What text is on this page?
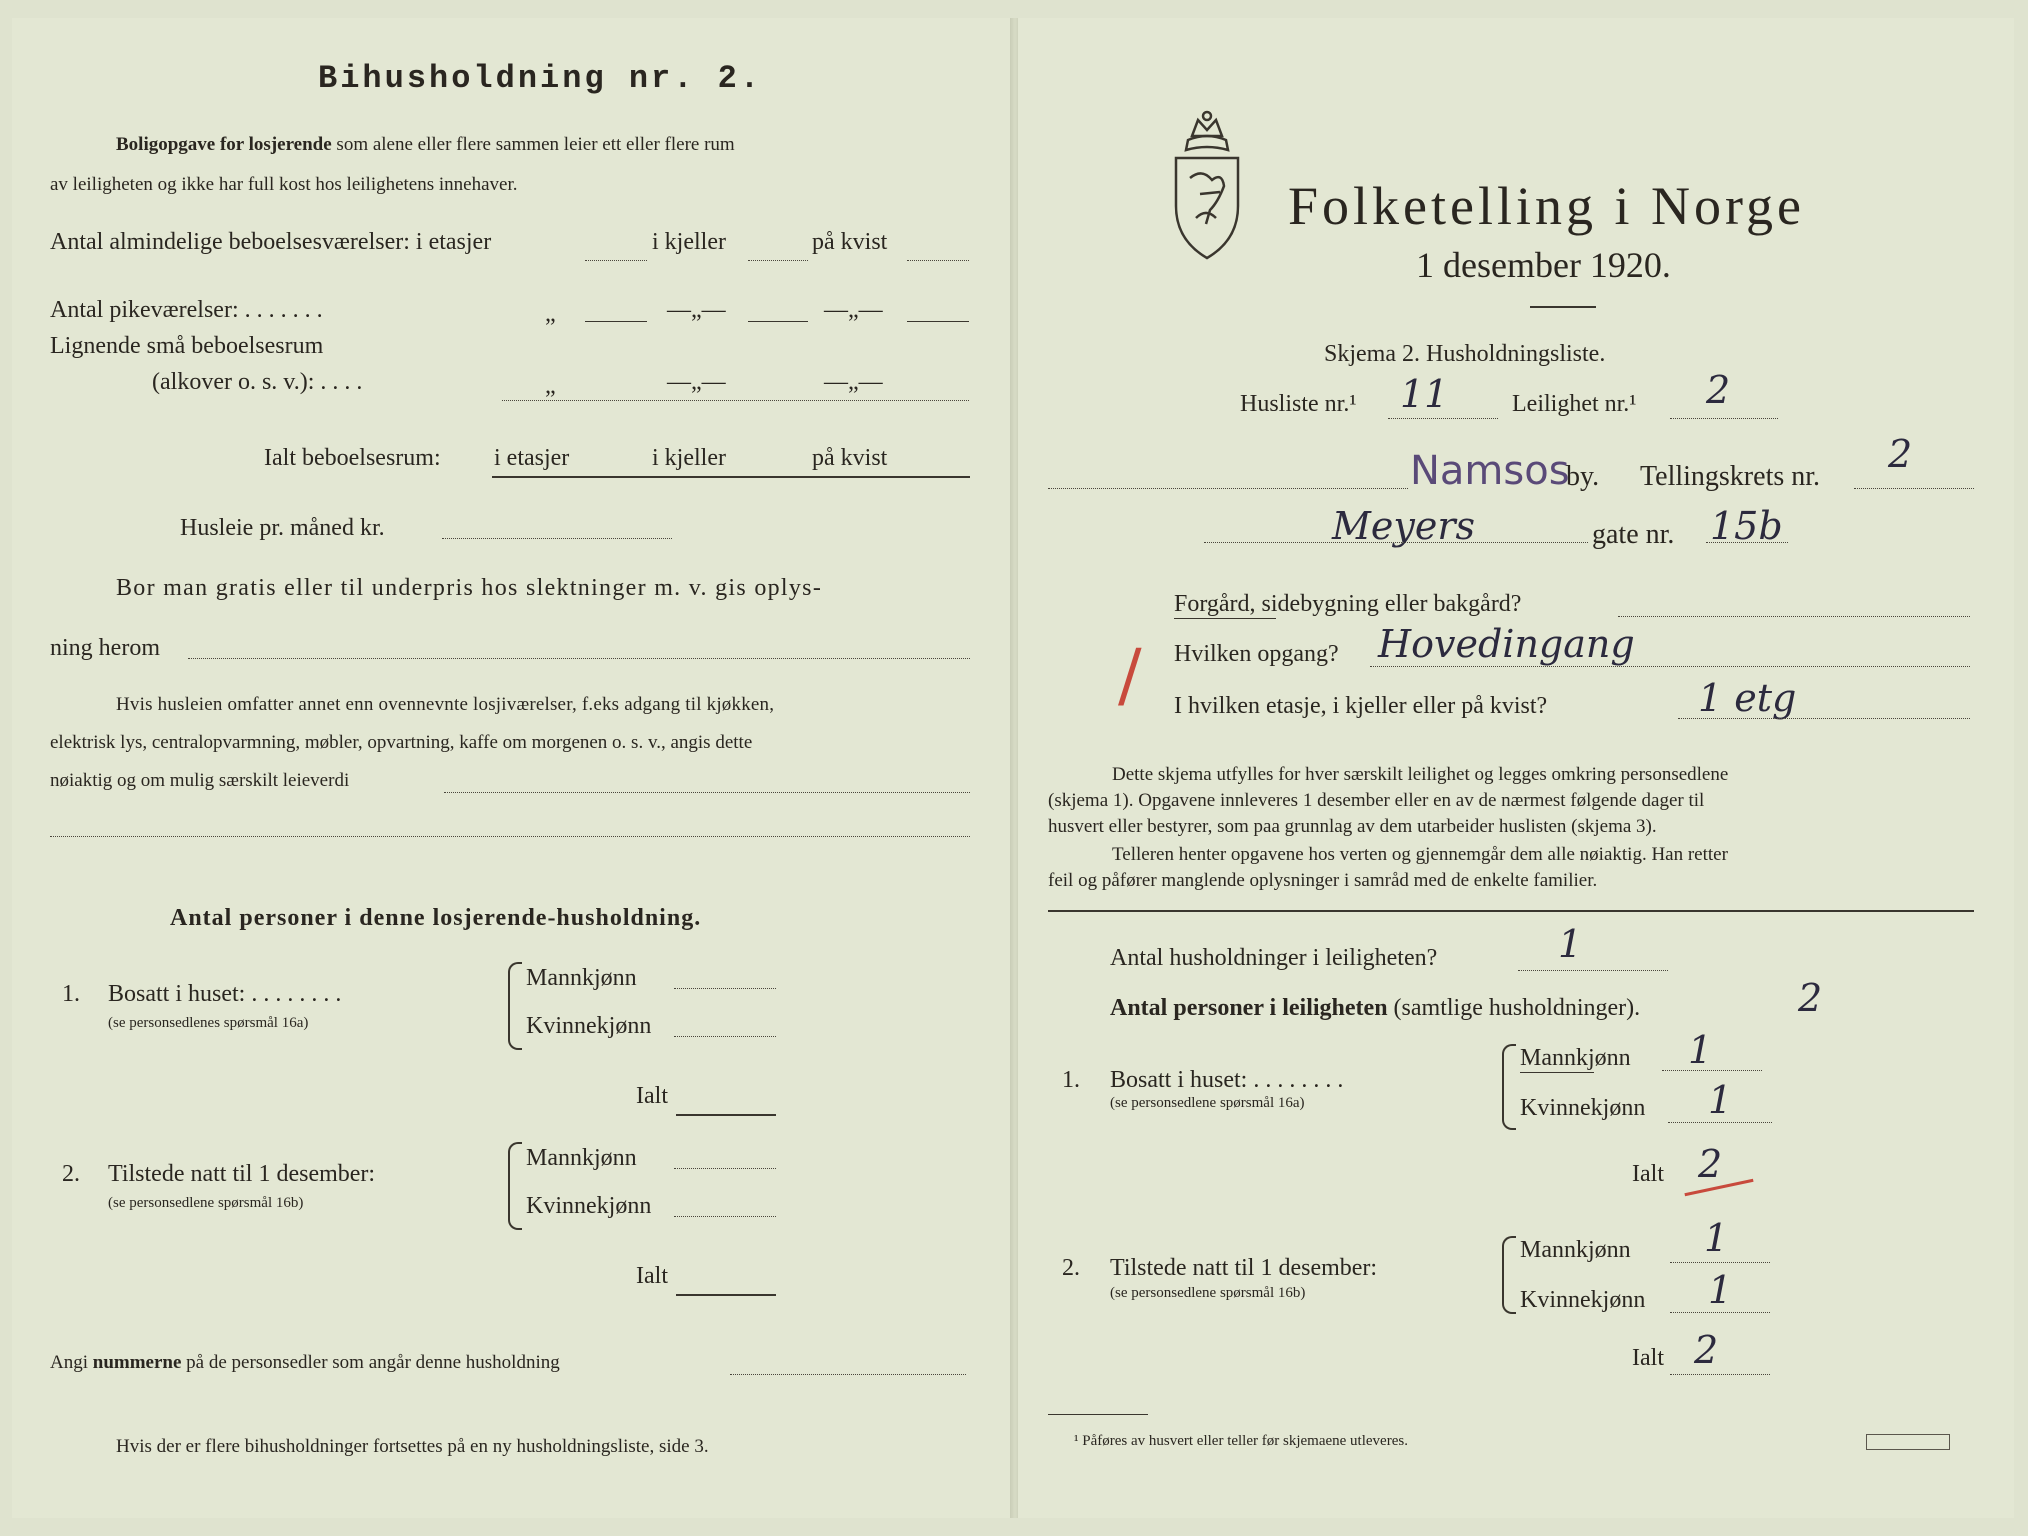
Bihusholdning nr. 2.
Boligopgave for losjerende som alene eller flere sammen leier ett eller flere rum
av leiligheten og ikke har full kost hos leilighetens innehaver.
Antal almindelige beboelsesværelser: i etasjer	i kjeller	på kvist
Antal pikeværelser: . . . . . . .	„	—„—	—„—
Lignende små beboelsesrum
(alkover o. s. v.): . . . .	„	—„—	—„—
Ialt beboelsesrum: i etasjer	i kjeller	på kvist
Husleie pr. måned kr.
Bor man gratis eller til underpris hos slektninger m. v. gis oplys-
ning herom
Hvis husleien omfatter annet enn ovennevnte losjiværelser, f.eks adgang til kjøkken,
elektrisk lys, centralopvarmning, møbler, opvartning, kaffe om morgenen o. s. v., angis dette
nøiaktig og om mulig særskilt leieverdi
Antal personer i denne losjerende-husholdning.
1. Bosatt i huset: . . . . . . . .
(se personsedlenes spørsmål 16a)
Mannkjønn
Kvinnekjønn
Ialt
2. Tilstede natt til 1 desember:
(se personsedlene spørsmål 16b)
Mannkjønn
Kvinnekjønn
Ialt
Angi nummerne på de personsedler som angår denne husholdning
Hvis der er flere bihusholdninger fortsettes på en ny husholdningsliste, side 3.
Folketelling i Norge
1 desember 1920.
Skjema 2. Husholdningsliste.
Husliste nr.¹ 11	Leilighet nr.¹ 2
Namsos
by. Tellingskrets nr.
2
Meyers	gate nr. 15b
/
Forgård, sidebygning eller bakgård?
Hvilken opgang? Hovedingang
I hvilken etasje, i kjeller eller på kvist?	1 etg
Dette skjema utfylles for hver særskilt leilighet og legges omkring personsedlene
(skjema 1). Opgavene innleveres 1 desember eller en av de nærmest følgende dager til
husvert eller bestyrer, som paa grunnlag av dem utarbeider huslisten (skjema 3).
Telleren henter opgavene hos verten og gjennemgår dem alle nøiaktig. Han retter
feil og påfører manglende oplysninger i samråd med de enkelte familier.
Antal husholdninger i leiligheten?	1
Antal personer i leiligheten (samtlige husholdninger).	2
1. Bosatt i huset: . . . . . . . .
(se personsedlene spørsmål 16a)
Mannkjønn 1
Kvinnekjønn 1
Ialt 2
2. Tilstede natt til 1 desember:
(se personsedlene spørsmål 16b)
Mannkjønn 1
Kvinnekjønn 1
Ialt 2
¹ Påføres av husvert eller teller før skjemaene utleveres.
